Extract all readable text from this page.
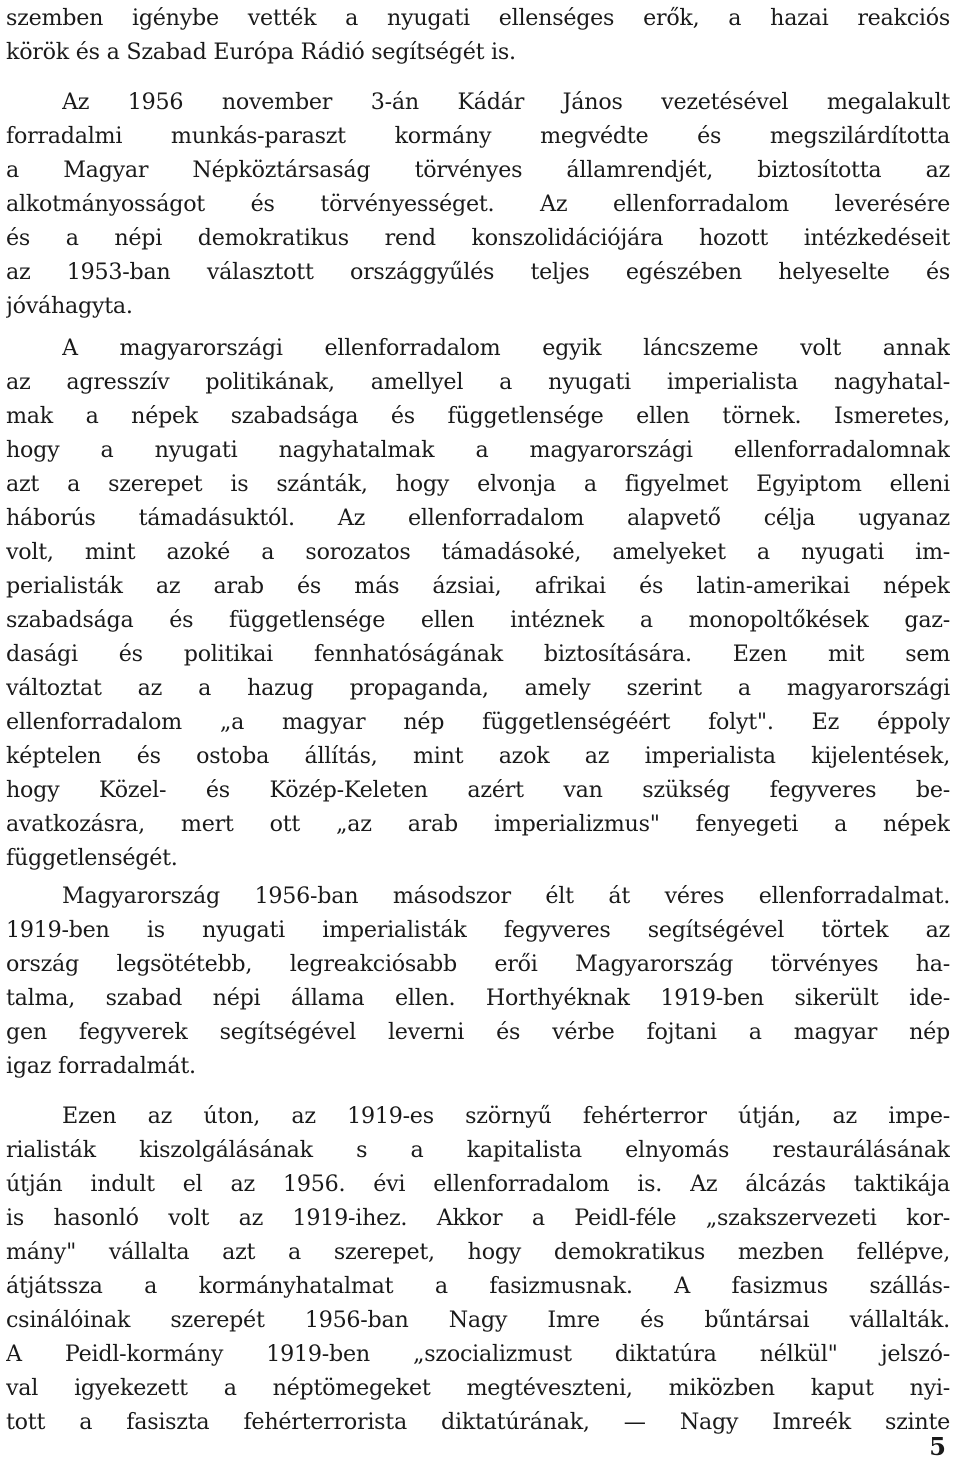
szemben igénybe vették a nyugati ellenséges erők, a hazai reakciós
körök és a Szabad Európa Rádió segítségét is.
Az 1956 november 3-án Kádár János vezetésével megalakult
forradalmi munkás-paraszt kormány megvédte és megszilárdította
a Magyar Népköztársaság törvényes államrendjét, biztosította az
alkotmányosságot és törvényességet. Az ellenforradalom leverésére
és a népi demokratikus rend konszolidációjára hozott intézkedéseit
az 1953-ban választott országgyűlés teljes egészében helyeselte és
jóváhagyta.
A magyarországi ellenforradalom egyik láncszeme volt annak
az agresszív politikának, amellyel a nyugati imperialista nagyhatal-
mak a népek szabadsága és függetlensége ellen törnek. Ismeretes,
hogy a nyugati nagyhatalmak a magyarországi ellenforradalomnak
azt a szerepet is szánták, hogy elvonja a figyelmet Egyiptom elleni
háborús támadásuktól. Az ellenforradalom alapvető célja ugyanaz
volt, mint azoké a sorozatos támadásoké, amelyeket a nyugati im-
perialisták az arab és más ázsiai, afrikai és latin-amerikai népek
szabadsága és függetlensége ellen intéznek a monopoltőkések gaz-
dasági és politikai fennhatóságának biztosítására. Ezen mit sem
változtat az a hazug propaganda, amely szerint a magyarországi
ellenforradalom „a magyar nép függetlenségéért folyt". Ez éppoly
képtelen és ostoba állítás, mint azok az imperialista kijelentések,
hogy Közel- és Közép-Keleten azért van szükség fegyveres be-
avatkozásra, mert ott „az arab imperializmus" fenyegeti a népek
függetlenségét.
Magyarország 1956-ban másodszor élt át véres ellenforradalmat.
1919-ben is nyugati imperialisták fegyveres segítségével törtek az
ország legsötétebb, legreakciósabb erői Magyarország törvényes ha-
talma, szabad népi állama ellen. Horthyéknak 1919-ben sikerült ide-
gen fegyverek segítségével leverni és vérbe fojtani a magyar nép
igaz forradalmát.
Ezen az úton, az 1919-es szörnyű fehérterror útján, az impe-
rialisták kiszolgálásának s a kapitalista elnyomás restaurálásának
útján indult el az 1956. évi ellenforradalom is. Az álcázás taktikája
is hasonló volt az 1919-ihez. Akkor a Peidl-féle „szakszervezeti kor-
mány" vállalta azt a szerepet, hogy demokratikus mezben fellépve,
átjátssza a kormányhatalmat a fasizmusnak. A fasizmus szállás-
csinálóinak szerepét 1956-ban Nagy Imre és bűntársai vállalták.
A Peidl-kormány 1919-ben „szocializmust diktatúra nélkül" jelszó-
val igyekezett a néptömegeket megtéveszteni, miközben kaput nyi-
tott a fasiszta fehérterrorista diktatúrának, — Nagy Imreék szinte
5
